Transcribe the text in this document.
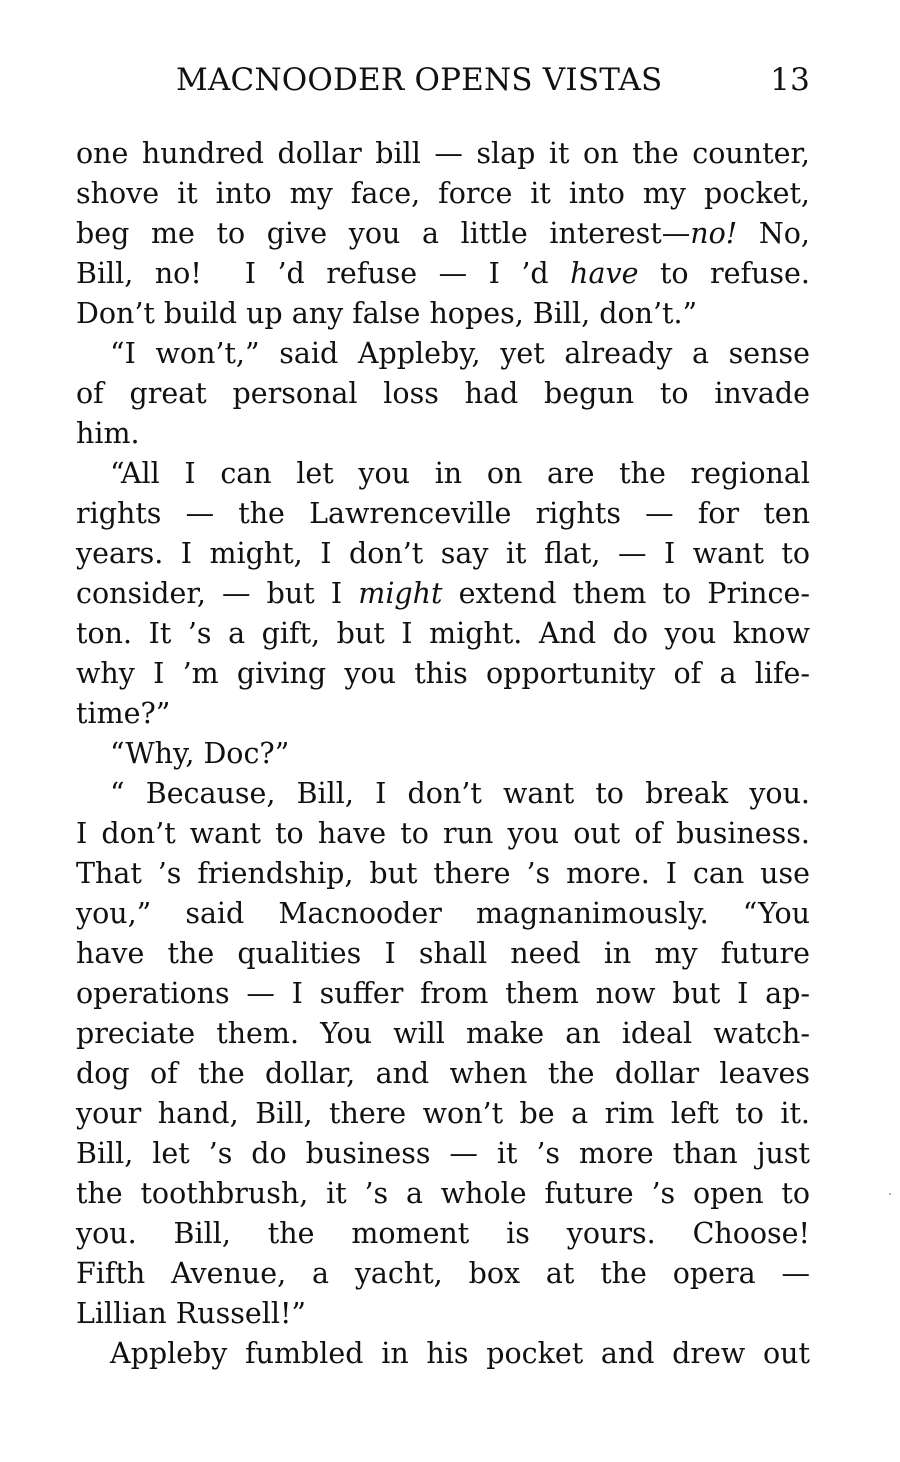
MACNOODER OPENS VISTAS	13
one hundred dollar bill — slap it on the counter,
shove it into my face, force it into my pocket,
beg me to give you a little interest—no! No,
Bill, no!  I ’d refuse — I ’d have to refuse.
Don’t build up any false hopes, Bill, don’t.”
“I won’t,” said Appleby, yet already a sense
of great personal loss had begun to invade
him.
“All I can let you in on are the regional
rights — the Lawrenceville rights — for ten
years. I might, I don’t say it flat, — I want to
consider, — but I might extend them to Prince-
ton. It ’s a gift, but I might. And do you know
why I ’m giving you this opportunity of a life-
time?”
“Why, Doc?”
“ Because, Bill, I don’t want to break you.
I don’t want to have to run you out of business.
That ’s friendship, but there ’s more. I can use
you,” said Macnooder magnanimously. “You
have the qualities I shall need in my future
operations — I suffer from them now but I ap-
preciate them. You will make an ideal watch-
dog of the dollar, and when the dollar leaves
your hand, Bill, there won’t be a rim left to it.
Bill, let ’s do business — it ’s more than just
the toothbrush, it ’s a whole future ’s open to
you. Bill, the moment is yours. Choose!
Fifth Avenue, a yacht, box at the opera —
Lillian Russell!”
Appleby fumbled in his pocket and drew out
